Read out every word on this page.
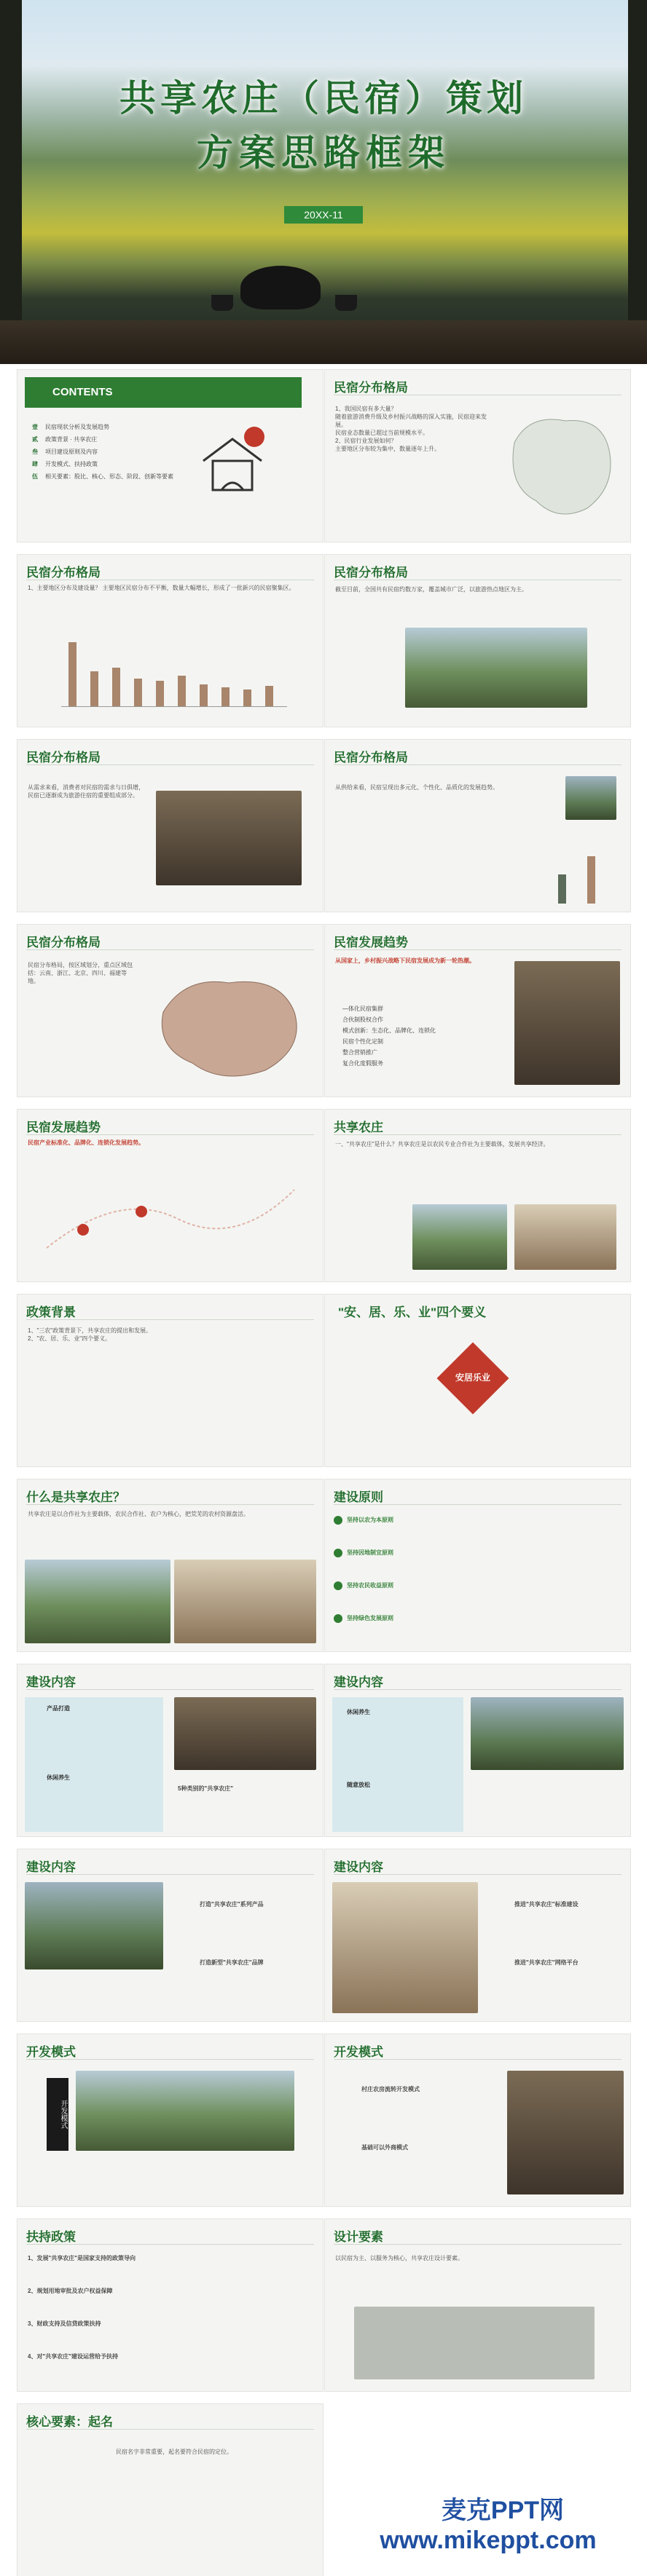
共享农庄（民宿）策划
方案思路框架
20XX-11
CONTENTS
壹
贰
叁
肆
伍
民宿现状分析及发展趋势
政策背景 · 共享农庄
项目建设原则及内容
开发模式、扶持政策
相关要素：股比、核心、形态、阶段、创新等要素
民宿分布格局
1、我国民宿有多大量？
随着旅游消费升级及乡村振兴战略的深入实施，民宿迎来发展。
民宿业态数量已超过当前规模水平。
2、民宿行业发展如何？
主要地区分布较为集中，数量逐年上升。
民宿分布格局
1、主要地区分布及建设量？ 主要地区民宿分布不平衡，数量大幅增长，形成了一批新兴的民宿聚集区。
民宿分布格局
截至目前，全国共有民宿约数万家，覆盖城市广泛，以旅游热点地区为主。
民宿分布格局
从需求来看，消费者对民宿的需求与日俱增，民宿已逐渐成为旅游住宿的重要组成部分。
民宿分布格局
从供给来看，民宿呈现出多元化、个性化、品质化的发展趋势。
民宿分布格局
民宿分布格局，按区域划分，重点区域包括：云南、浙江、北京、四川、福建等地。
民宿发展趋势
从国家上，乡村振兴战略下民宿发展成为新一轮热潮。
—体化民宿集群
合伙制股权合作
模式创新：生态化、品牌化、连锁化
民宿个性化定制
整合营销推广
复合化度假服务
民宿发展趋势
民宿产业标准化、品牌化、连锁化发展趋势。
共享农庄
一、"共享农庄"是什么？共享农庄是以农民专业合作社为主要载体，发展共享经济。
政策背景
1、"三农"政策背景下，共享农庄的提出和发展。
2、"农、居、乐、业"四个要义。
"安、居、乐、业"四个要义
安居乐业
什么是共享农庄？
共享农庄是以合作社为主要载体，农民合作社、农户为核心，把荒芜的农村资源盘活。
建设原则
坚持以农为本原则
坚持因地制宜原则
坚持农民收益原则
坚持绿色发展原则
建设内容
产品打造
休闲养生
5种类别的"共享农庄"
建设内容
休闲养生
随意放松
建设内容
打造"共享农庄"系列产品
打造新型"共享农庄"品牌
建设内容
推进"共享农庄"标准建设
推进"共享农庄"网络平台
开发模式
开发模式
开发模式
村庄农房流转开发模式
基础可以外商模式
扶持政策
1、发展"共享农庄"是国家支持的政策导向
2、规划用地审批及农户权益保障
3、财政支持及信贷政策扶持
4、对"共享农庄"建设运营给予扶持
设计要素
以民宿为主、以服务为核心，共享农庄设计要素。
核心要素：起名
民宿名字非常重要，起名要符合民宿的定位。
麦克PPT网
www.mikeppt.com
